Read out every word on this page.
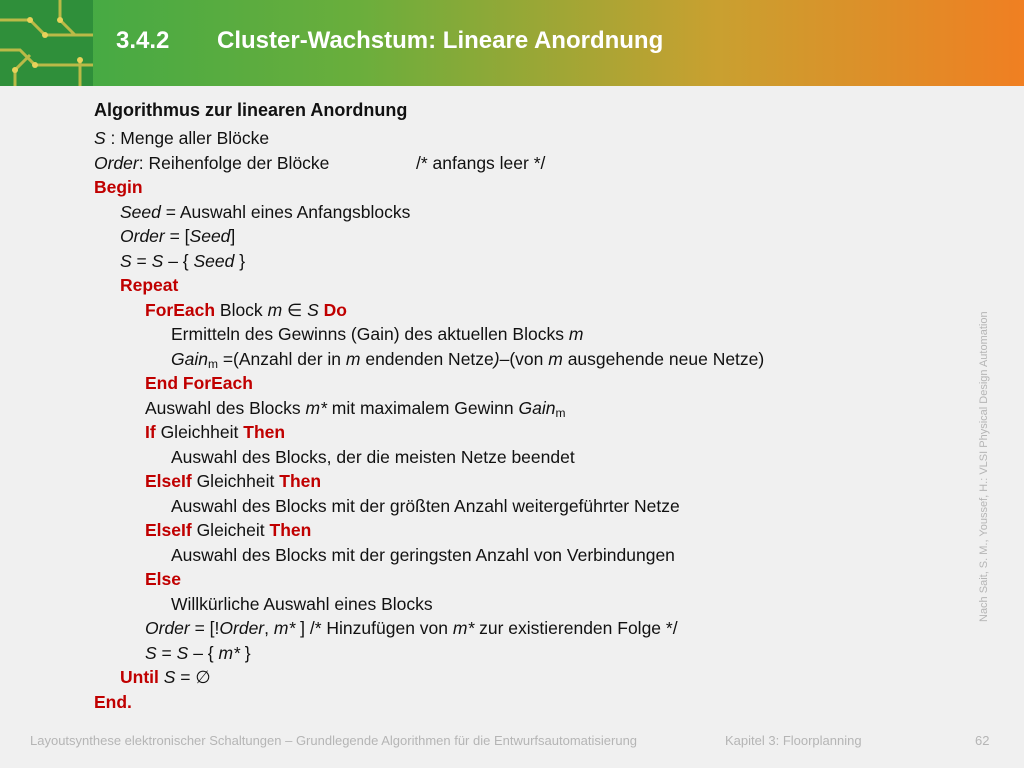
3.4.2 Cluster-Wachstum: Lineare Anordnung
Algorithmus zur linearen Anordnung
S : Menge aller Blöcke
Order: Reihenfolge der Blöcke	/* anfangs leer */
Begin
Seed = Auswahl eines Anfangsblocks
Order = [Seed]
S = S – { Seed }
Repeat
ForEach Block m ∈ S Do
Ermitteln des Gewinns (Gain) des aktuellen Blocks m
Gain$_m$ =(Anzahl der in m endenden Netze)–(von m ausgehende neue Netze)
End ForEach
Auswahl des Blocks m* mit maximalem Gewinn Gain$_m$
If Gleichheit Then
Auswahl des Blocks, der die meisten Netze beendet
ElseIf Gleichheit Then
Auswahl des Blocks mit der größten Anzahl weitergeführter Netze
ElseIf Gleicheit Then
Auswahl des Blocks mit der geringsten Anzahl von Verbindungen
Else
Willkürliche Auswahl eines Blocks
Order = [!Order, m* ] /* Hinzufügen von m* zur existierenden Folge */
S = S – { m* }
Until S = ∅
End.
Nach Sait, S. M., Youssef, H.: VLSI Physical Design Automation
Layoutsynthese elektronischer Schaltungen – Grundlegende Algorithmen für die Entwurfsautomatisierung	Kapitel 3: Floorplanning	62
